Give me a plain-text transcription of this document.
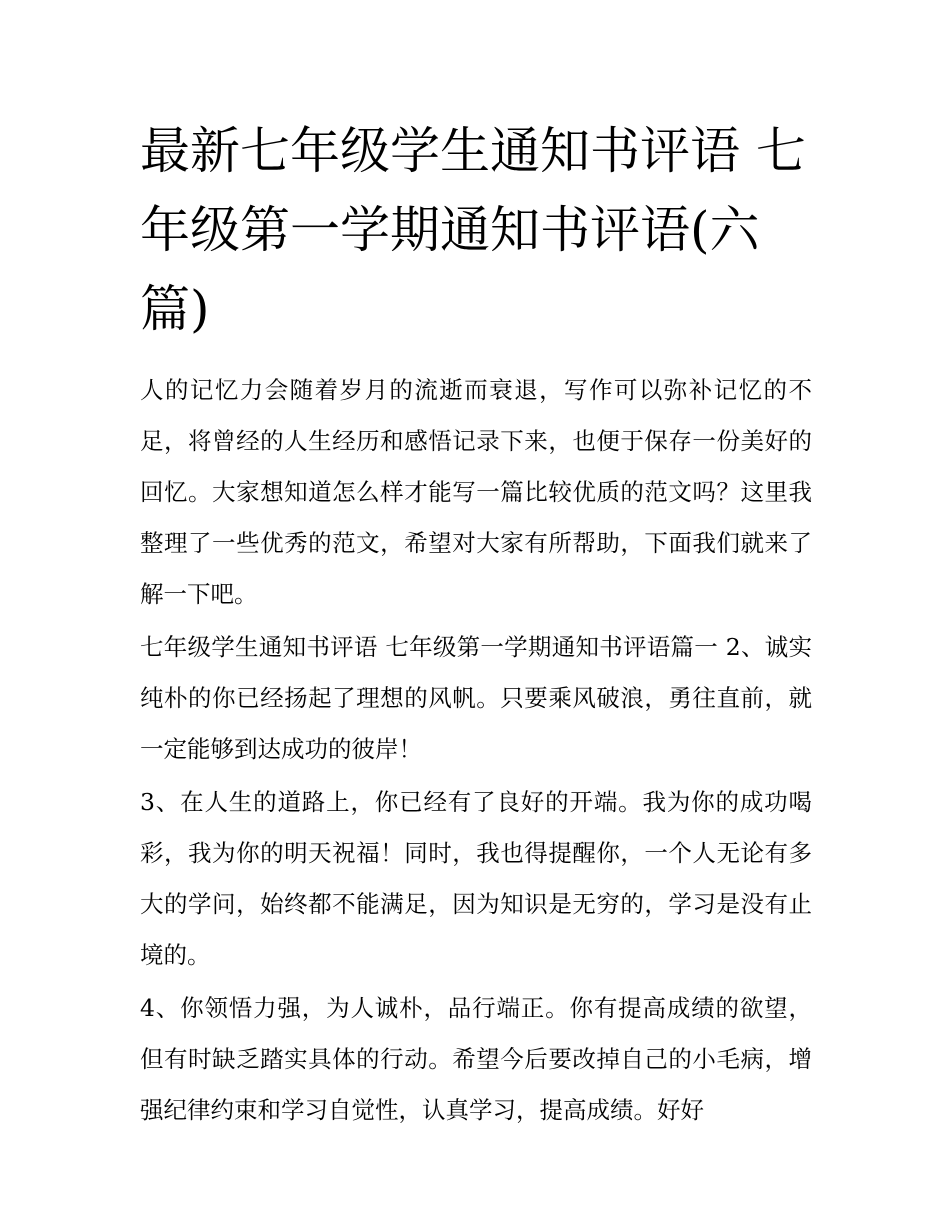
最新七年级学生通知书评语 七年级第一学期通知书评语(六篇)

人的记忆力会随着岁月的流逝而衰退，写作可以弥补记忆的不足，将曾经的人生经历和感悟记录下来，也便于保存一份美好的回忆。大家想知道怎么样才能写一篇比较优质的范文吗？这里我整理了一些优秀的范文，希望对大家有所帮助，下面我们就来了解一下吧。

七年级学生通知书评语 七年级第一学期通知书评语篇一 2、诚实纯朴的你已经扬起了理想的风帆。只要乘风破浪，勇往直前，就一定能够到达成功的彼岸！

3、在人生的道路上，你已经有了良好的开端。我为你的成功喝彩，我为你的明天祝福！同时，我也得提醒你，一个人无论有多大的学问，始终都不能满足，因为知识是无穷的，学习是没有止境的。

4、你领悟力强，为人诚朴，品行端正。你有提高成绩的欲望，但有时缺乏踏实具体的行动。希望今后要改掉自己的小毛病，增强纪律约束和学习自觉性，认真学习，提高成绩。好好
